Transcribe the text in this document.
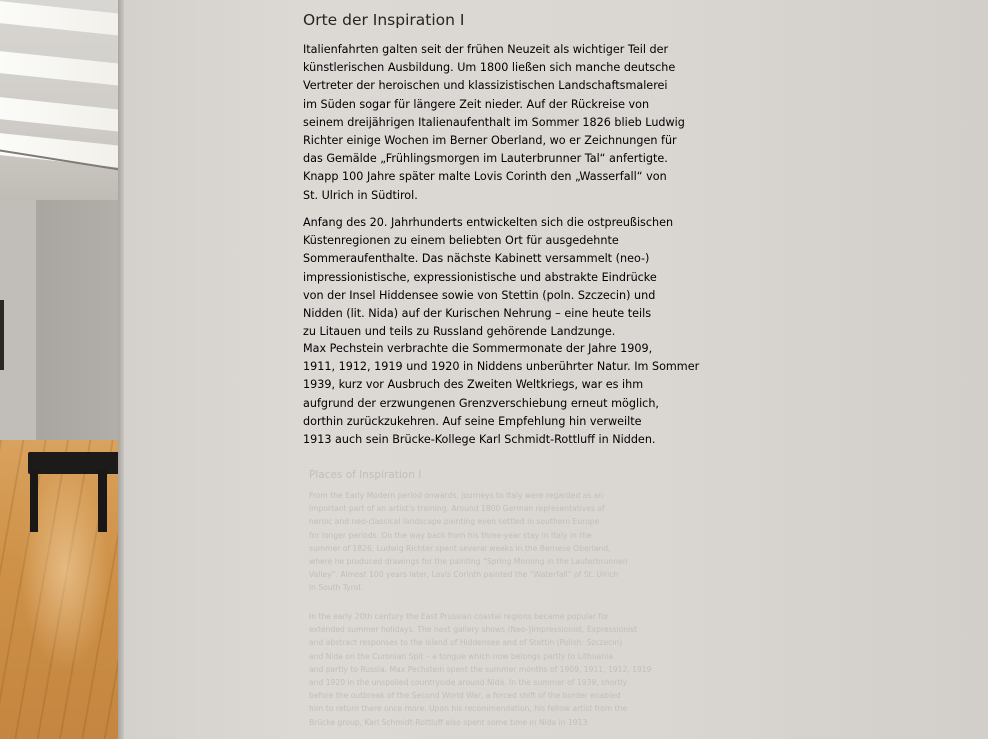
Orte der Inspiration I

Italienfahrten galten seit der frühen Neuzeit als wichtiger Teil der

künstlerischen Ausbildung. Um 1800 ließen sich manche deutsche

Vertreter der heroischen und klassizistischen Landschaftsmalerei

im Süden sogar für längere Zeit nieder. Auf der Rückreise von

seinem dreijährigen Italienaufenthalt im Sommer 1826 blieb Ludwig

Richter einige Wochen im Berner Oberland, wo er Zeichnungen für

das Gemälde „Frühlingsmorgen im Lauterbrunner Tal“ anfertigte.

Knapp 100 Jahre später malte Lovis Corinth den „Wasserfall“ von

St. Ulrich in Südtirol.

Anfang des 20. Jahrhunderts entwickelten sich die ostpreußischen

Küstenregionen zu einem beliebten Ort für ausgedehnte

Sommeraufenthalte. Das nächste Kabinett versammelt (neo-)

impressionistische, expressionistische und abstrakte Eindrücke

von der Insel Hiddensee sowie von Stettin (poln. Szczecin) und

Nidden (lit. Nida) auf der Kurischen Nehrung – eine heute teils

zu Litauen und teils zu Russland gehörende Landzunge.

Max Pechstein verbrachte die Sommermonate der Jahre 1909,

1911, 1912, 1919 und 1920 in Niddens unberührter Natur. Im Sommer

1939, kurz vor Ausbruch des Zweiten Weltkriegs, war es ihm

aufgrund der erzwungenen Grenzverschiebung erneut möglich,

dorthin zurückzukehren. Auf seine Empfehlung hin verweilte

1913 auch sein Brücke-Kollege Karl Schmidt-Rottluff in Nidden.

Places of Inspiration I

From the Early Modern period onwards, journeys to Italy were regarded as an

important part of an artist’s training. Around 1800 German representatives of

heroic and neo-classical landscape painting even settled in southern Europe

for longer periods. On the way back from his three-year stay in Italy in the

summer of 1826, Ludwig Richter spent several weeks in the Bernese Oberland,

where he produced drawings for the painting “Spring Morning in the Lauterbrunnen

Valley”. Almost 100 years later, Lovis Corinth painted the “Waterfall” of St. Ulrich

in South Tyrol.

In the early 20th century the East Prussian coastal regions became popular for

extended summer holidays. The next gallery shows (Neo-)Impressionist, Expressionist

and abstract responses to the island of Hiddensee and of Stettin (Polish: Szczecin)

and Nida on the Curonian Spit – a tongue which now belongs partly to Lithuania

and partly to Russia. Max Pechstein spent the summer months of 1909, 1911, 1912, 1919

and 1920 in the unspoiled countryside around Nida. In the summer of 1939, shortly

before the outbreak of the Second World War, a forced shift of the border enabled

him to return there once more. Upon his recommendation, his fellow artist from the

Brücke group, Karl Schmidt-Rottluff also spent some time in Nida in 1913.
